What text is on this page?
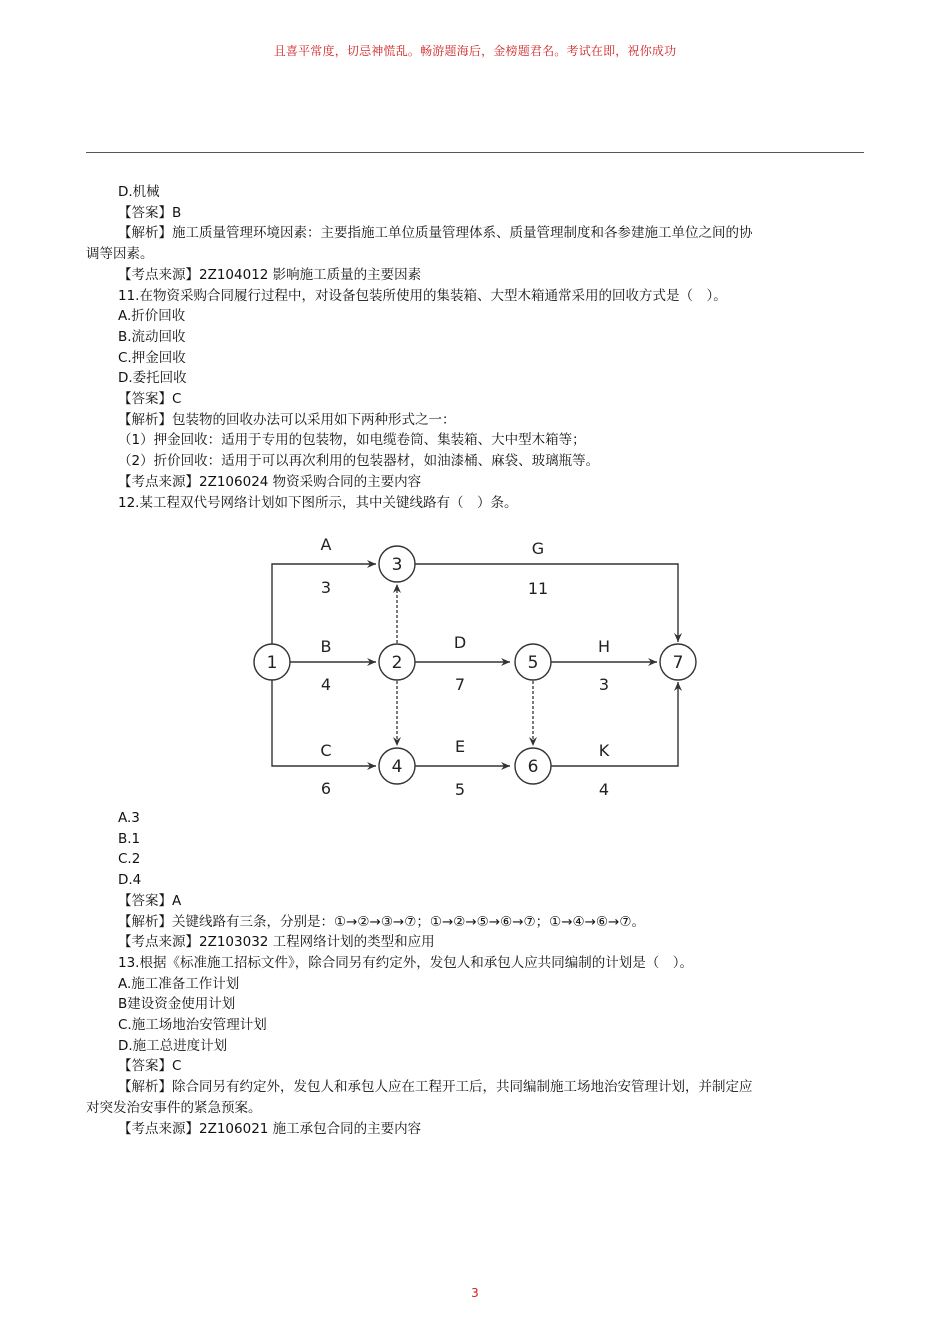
且喜平常度，切忌神慌乱。畅游题海后，金榜题君名。考试在即，祝你成功
D.机械
【答案】B
【解析】施工质量管理环境因素：主要指施工单位质量管理体系、质量管理制度和各参建施工单位之间的协
调等因素。
【考点来源】2Z104012 影响施工质量的主要因素
11.在物资采购合同履行过程中，对设备包装所使用的集装箱、大型木箱通常采用的回收方式是（　）。
A.折价回收
B.流动回收
C.押金回收
D.委托回收
【答案】C
【解析】包装物的回收办法可以采用如下两种形式之一：
（1）押金回收：适用于专用的包装物，如电缆卷筒、集装箱、大中型木箱等；
（2）折价回收：适用于可以再次利用的包装器材，如油漆桶、麻袋、玻璃瓶等。
【考点来源】2Z106024 物资采购合同的主要内容
12.某工程双代号网络计划如下图所示，其中关键线路有（　）条。
1	2
3
4
5
6
7
A
3
G
11
B
4
D
7
H
3
C
6
E
5
K
4
A.3
B.1
C.2
D.4
【答案】A
【解析】关键线路有三条，分别是：①→②→③→⑦；①→②→⑤→⑥→⑦；①→④→⑥→⑦。
【考点来源】2Z103032 工程网络计划的类型和应用
13.根据《标准施工招标文件》，除合同另有约定外，发包人和承包人应共同编制的计划是（　）。
A.施工准备工作计划
B建设资金使用计划
C.施工场地治安管理计划
D.施工总进度计划
【答案】C
【解析】除合同另有约定外，发包人和承包人应在工程开工后，共同编制施工场地治安管理计划，并制定应
对突发治安事件的紧急预案。
【考点来源】2Z106021 施工承包合同的主要内容
3
